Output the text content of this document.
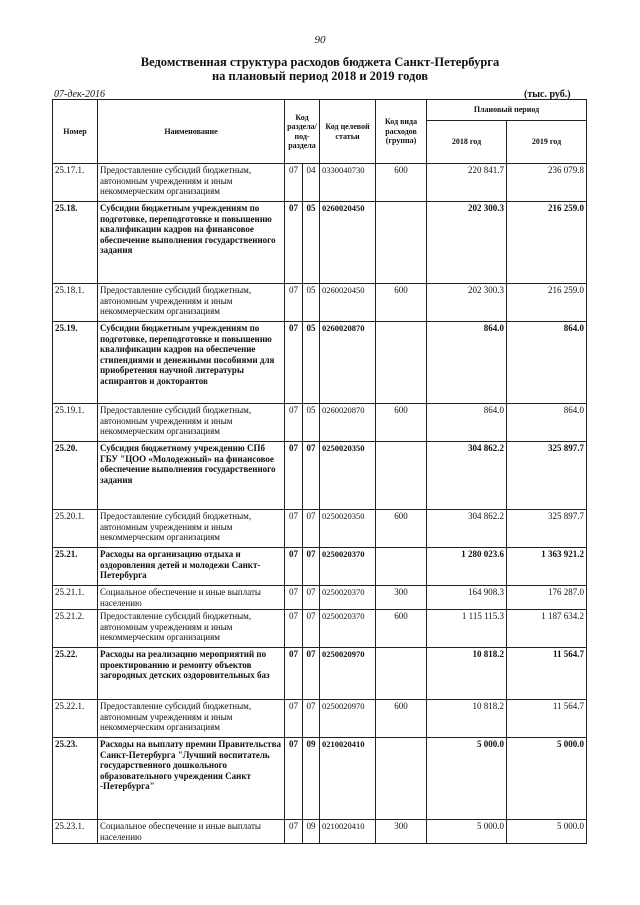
90
Ведомственная структура расходов бюджета Санкт-Петербурга
на плановый период 2018 и 2019 годов
07-дек-2016	(тыс. руб.)
Номер	Наименование	Код раздела/ под-раздела		Код целевой статьи	Код вида расходов (группа)	Плановый период	
						2018 год	2019 год
25.17.1.	Предоставление субсидий бюджетным, автономным учреждениям и иным некоммерческим организациям	07	04	0330040730	600	220 841.7	236 079.8
25.18.	Субсидии бюджетным учреждениям по подготовке, переподготовке и повышению квалификации кадров на финансовое обеспечение выполнения государственного задания	07	05	0260020450		202 300.3	216 259.0
25.18.1.	Предоставление субсидий бюджетным, автономным учреждениям и иным некоммерческим организациям	07	05	0260020450	600	202 300.3	216 259.0
25.19.	Субсидии бюджетным учреждениям по подготовке, переподготовке и повышению квалификации кадров на обеспечение стипендиями и денежными пособиями для приобретения научной литературы аспирантов и докторантов	07	05	0260020870		864.0	864.0
25.19.1.	Предоставление субсидий бюджетным, автономным учреждениям и иным некоммерческим организациям	07	05	0260020870	600	864.0	864.0
25.20.	Субсидия бюджетному учреждению СПб ГБУ "ЦОО «Молодежный» на финансовое обеспечение выполнения государственного задания	07	07	0250020350		304 862.2	325 897.7
25.20.1.	Предоставление субсидий бюджетным, автономным учреждениям и иным некоммерческим организациям	07	07	0250020350	600	304 862.2	325 897.7
25.21.	Расходы на организацию отдыха и оздоровления детей и молодежи Санкт-Петербурга	07	07	0250020370		1 280 023.6	1 363 921.2
25.21.1.	Социальное обеспечение и иные выплаты населению	07	07	0250020370	300	164 908.3	176 287.0
25.21.2.	Предоставление субсидий бюджетным, автономным учреждениям и иным некоммерческим организациям	07	07	0250020370	600	1 115 115.3	1 187 634.2
25.22.	Расходы на реализацию мероприятий по проектированию и ремонту объектов загородных детских оздоровительных баз	07	07	0250020970		10 818.2	11 564.7
25.22.1.	Предоставление субсидий бюджетным, автономным учреждениям и иным некоммерческим организациям	07	07	0250020970	600	10 818.2	11 564.7
25.23.	Расходы на выплату премии Правительства Санкт-Петербурга "Лучший воспитатель государственного дошкольного образовательного учреждения Санкт -Петербурга"	07	09	0210020410		5 000.0	5 000.0
25.23.1.	Социальное обеспечение и иные выплаты населению	07	09	0210020410	300	5 000.0	5 000.0
